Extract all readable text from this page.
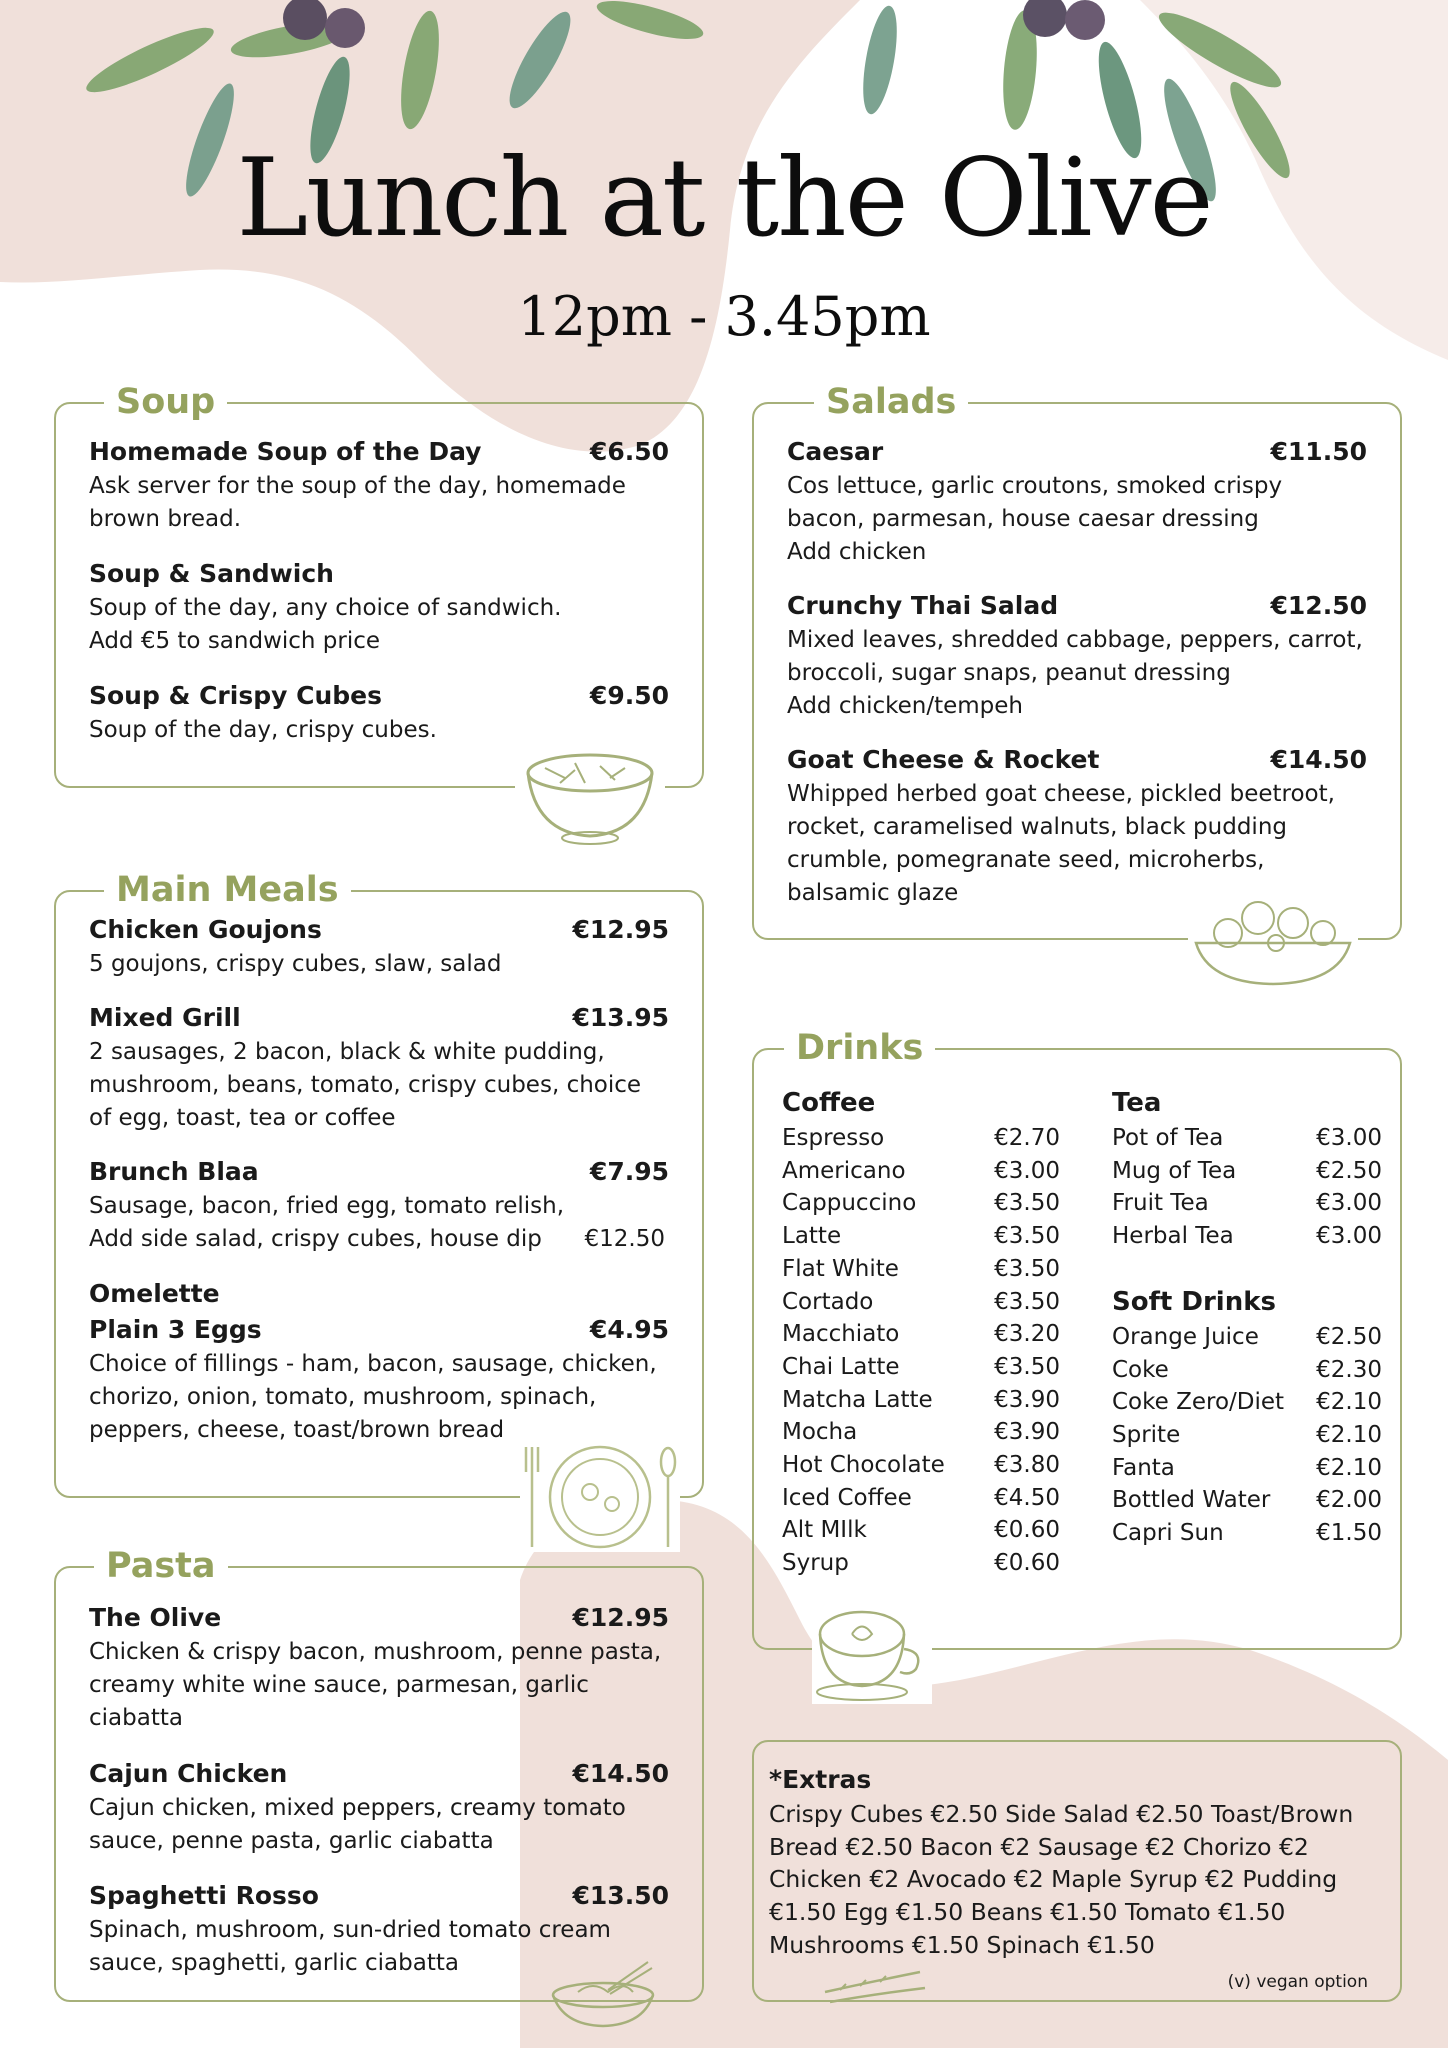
Lunch at the Olive
12pm - 3.45pm
Soup
Homemade Soup of the Day	€6.50
Ask server for the soup of the day, homemade
brown bread.
Soup & Sandwich
Soup of the day, any choice of sandwich.
Add €5 to sandwich price
Soup & Crispy Cubes	€9.50
Soup of the day, crispy cubes.
Main Meals
Chicken Goujons	€12.95
5 goujons, crispy cubes, slaw, salad
Mixed Grill	€13.95
2 sausages, 2 bacon, black & white pudding,
mushroom, beans, tomato, crispy cubes, choice
of egg, toast, tea or coffee
Brunch Blaa	€7.95
Sausage, bacon, fried egg, tomato relish,
Add side salad, crispy cubes, house dip €12.50
Omelette
Plain 3 Eggs	€4.95
Choice of fillings - ham, bacon, sausage, chicken,
chorizo, onion, tomato, mushroom, spinach,
peppers, cheese, toast/brown bread
Pasta
The Olive	€12.95
Chicken & crispy bacon, mushroom, penne pasta,
creamy white wine sauce, parmesan, garlic
ciabatta
Cajun Chicken	€14.50
Cajun chicken, mixed peppers, creamy tomato
sauce, penne pasta, garlic ciabatta
Spaghetti Rosso	€13.50
Spinach, mushroom, sun-dried tomato cream
sauce, spaghetti, garlic ciabatta
Salads
Caesar	€11.50
Cos lettuce, garlic croutons, smoked crispy
bacon, parmesan, house caesar dressing
Add chicken
Crunchy Thai Salad	€12.50
Mixed leaves, shredded cabbage, peppers, carrot,
broccoli, sugar snaps, peanut dressing
Add chicken/tempeh
Goat Cheese & Rocket	€14.50
Whipped herbed goat cheese, pickled beetroot,
rocket, caramelised walnuts, black pudding
crumble, pomegranate seed, microherbs,
balsamic glaze
Drinks
Coffee
Espresso	€2.70
Americano	€3.00
Cappuccino	€3.50
Latte	€3.50
Flat White	€3.50
Cortado	€3.50
Macchiato	€3.20
Chai Latte	€3.50
Matcha Latte	€3.90
Mocha	€3.90
Hot Chocolate	€3.80
Iced Coffee	€4.50
Alt MIlk	€0.60
Syrup	€0.60
Tea
Pot of Tea	€3.00
Mug of Tea	€2.50
Fruit Tea	€3.00
Herbal Tea	€3.00
Soft Drinks
Orange Juice	€2.50
Coke	€2.30
Coke Zero/Diet	€2.10
Sprite	€2.10
Fanta	€2.10
Bottled Water	€2.00
Capri Sun	€1.50
*Extras
Crispy Cubes €2.50 Side Salad €2.50 Toast/Brown
Bread €2.50 Bacon €2 Sausage €2 Chorizo €2
Chicken €2 Avocado €2 Maple Syrup €2 Pudding
€1.50 Egg €1.50 Beans €1.50 Tomato €1.50
Mushrooms €1.50 Spinach €1.50
(v) vegan option
